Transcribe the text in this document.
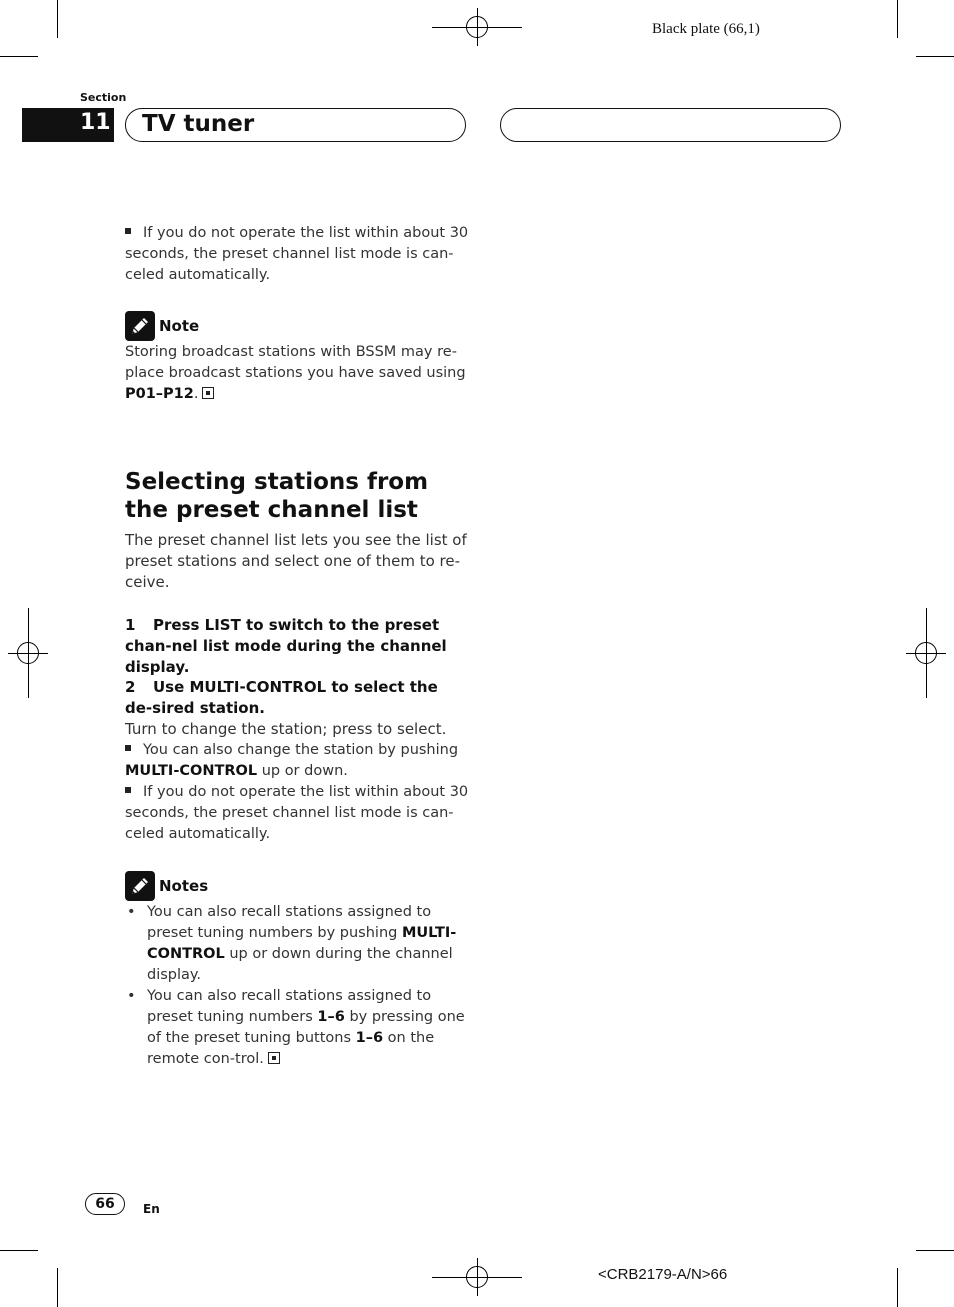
Black plate (66,1)
Section
11 TV tuner
If you do not operate the list within about 30 seconds, the preset channel list mode is can-celed automatically.
Note
Storing broadcast stations with BSSM may re-place broadcast stations you have saved using P01–P12.
Selecting stations from the preset channel list
The preset channel list lets you see the list of preset stations and select one of them to re-ceive.
1 Press LIST to switch to the preset chan-nel list mode during the channel display.
2 Use MULTI-CONTROL to select the de-sired station.
Turn to change the station; press to select.
You can also change the station by pushing MULTI-CONTROL up or down.
If you do not operate the list within about 30 seconds, the preset channel list mode is can-celed automatically.
Notes
• You can also recall stations assigned to preset tuning numbers by pushing MULTI-CONTROL up or down during the channel display.
• You can also recall stations assigned to preset tuning numbers 1–6 by pressing one of the preset tuning buttons 1–6 on the remote con-trol.
66	En
<CRB2179-A/N>66
